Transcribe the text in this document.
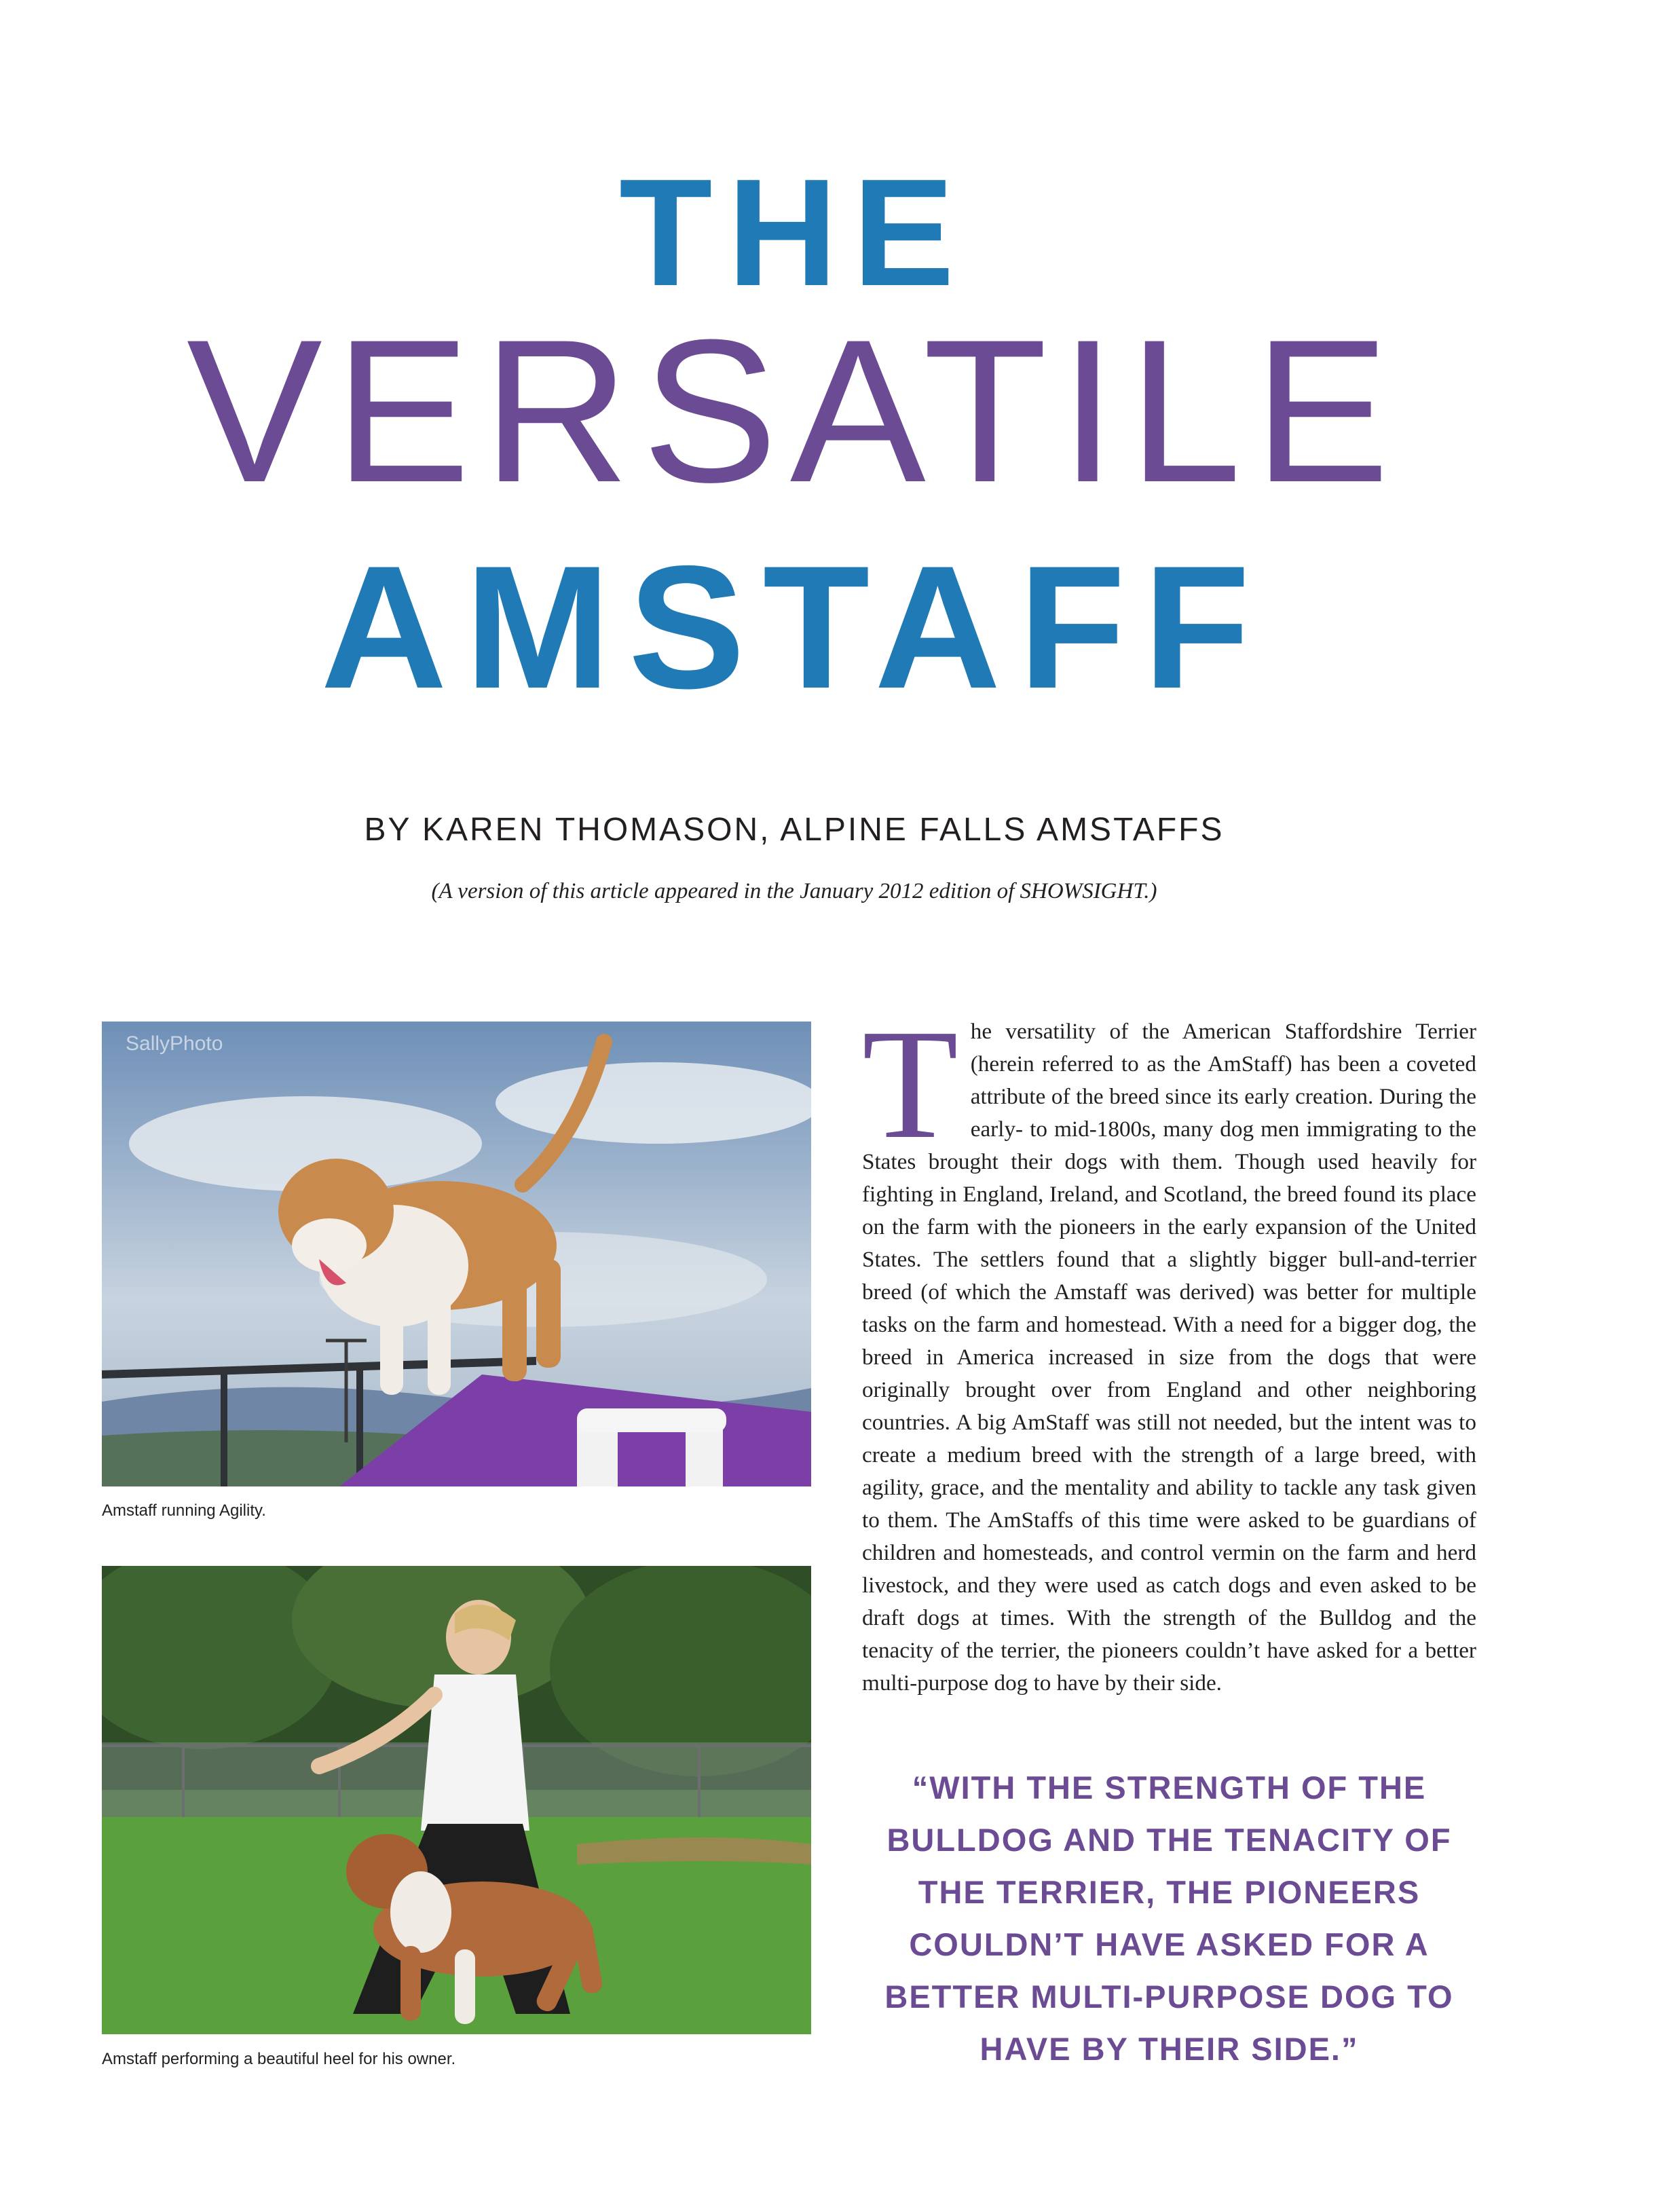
THE
VERSATILE
AMSTAFF
BY KAREN THOMASON, ALPINE FALLS AMSTAFFS
(A version of this article appeared in the January 2012 edition of SHOWSIGHT.)
SallyPhoto
Amstaff running Agility.
Amstaff performing a beautiful heel for his owner.
The versatility of the American Staffordshire Terrier (herein referred to as the AmStaff) has been a coveted attribute of the breed since its early creation. During the early- to mid-1800s, many dog men immigrating to the States brought their dogs with them. Though used heavily for fighting in England, Ireland, and Scotland, the breed found its place on the farm with the pioneers in the early expansion of the United States. The settlers found that a slightly bigger bull-and-terrier breed (of which the Amstaff was derived) was better for multiple tasks on the farm and homestead. With a need for a bigger dog, the breed in America increased in size from the dogs that were originally brought over from England and other neighboring countries. A big AmStaff was still not needed, but the intent was to create a medium breed with the strength of a large breed, with agility, grace, and the mentality and ability to tackle any task given to them. The AmStaffs of this time were asked to be guardians of children and homesteads, and control vermin on the farm and herd livestock, and they were used as catch dogs and even asked to be draft dogs at times. With the strength of the Bulldog and the tenacity of the terrier, the pioneers couldn’t have asked for a better multi-purpose dog to have by their side.
“WITH THE STRENGTH OF THE BULLDOG AND THE TENACITY OF THE TERRIER, THE PIONEERS COULDN’T HAVE ASKED FOR A BETTER MULTI-PURPOSE DOG TO HAVE BY THEIR SIDE.”
